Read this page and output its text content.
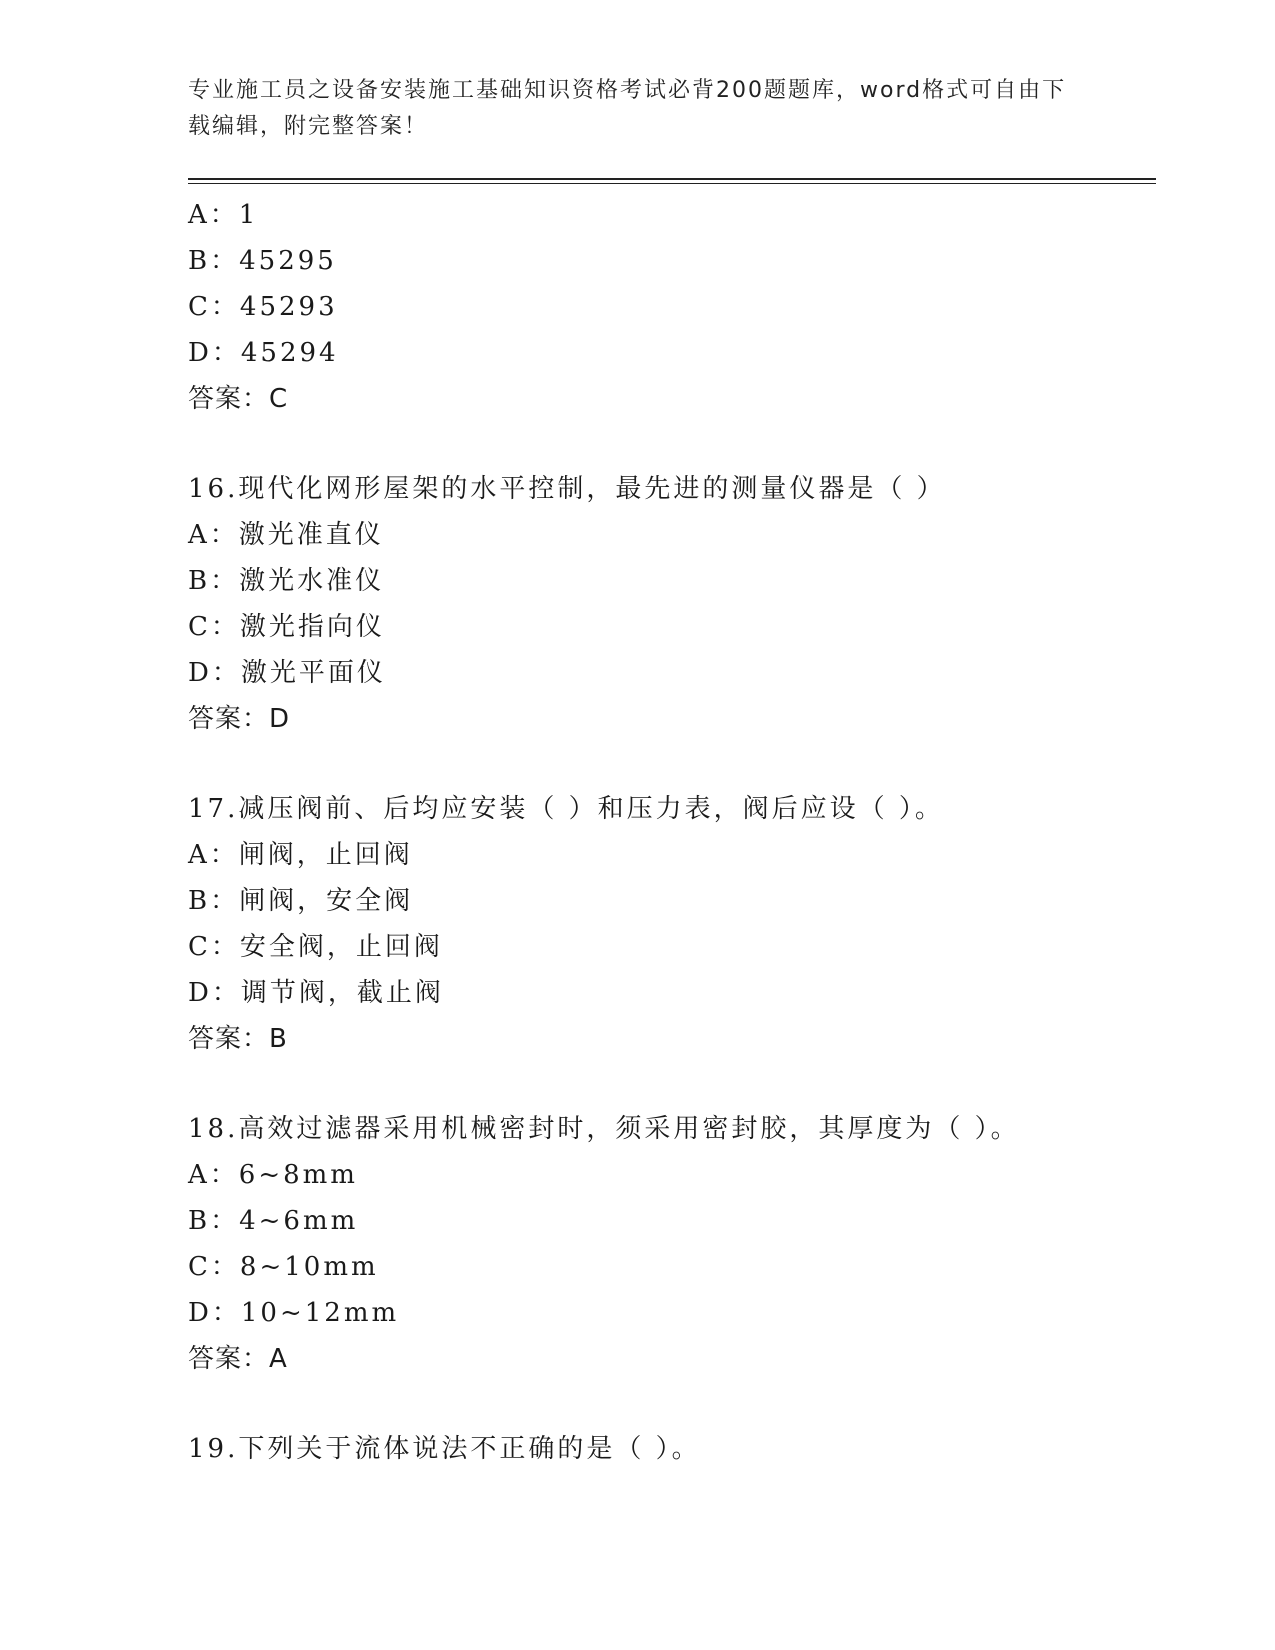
专业施工员之设备安装施工基础知识资格考试必背200题题库，word格式可自由下载编辑，附完整答案！
A：1
B：45295
C：45293
D：45294
答案：C
16.现代化网形屋架的水平控制，最先进的测量仪器是（ ）
A：激光准直仪
B：激光水准仪
C：激光指向仪
D：激光平面仪
答案：D
17.减压阀前、后均应安装（ ）和压力表，阀后应设（ ）。
A：闸阀，止回阀
B：闸阀，安全阀
C：安全阀，止回阀
D：调节阀，截止阀
答案：B
18.高效过滤器采用机械密封时，须采用密封胶，其厚度为（ ）。
A：6~8mm
B：4~6mm
C：8~10mm
D：10~12mm
答案：A
19.下列关于流体说法不正确的是（ ）。
